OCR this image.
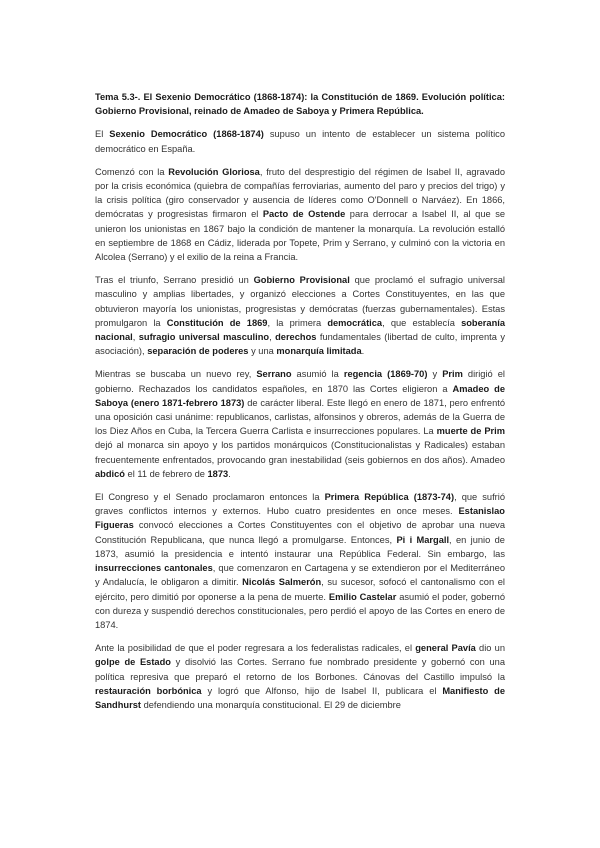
Tema 5.3-. El Sexenio Democrático (1868-1874): la Constitución de 1869. Evolución política: Gobierno Provisional, reinado de Amadeo de Saboya y Primera República.

El Sexenio Democrático (1868-1874) supuso un intento de establecer un sistema político democrático en España.

Comenzó con la Revolución Gloriosa, fruto del desprestigio del régimen de Isabel II, agravado por la crisis económica (quiebra de compañías ferroviarias, aumento del paro y precios del trigo) y la crisis política (giro conservador y ausencia de líderes como O'Donnell o Narváez). En 1866, demócratas y progresistas firmaron el Pacto de Ostende para derrocar a Isabel II, al que se unieron los unionistas en 1867 bajo la condición de mantener la monarquía. La revolución estalló en septiembre de 1868 en Cádiz, liderada por Topete, Prim y Serrano, y culminó con la victoria en Alcolea (Serrano) y el exilio de la reina a Francia.

Tras el triunfo, Serrano presidió un Gobierno Provisional que proclamó el sufragio universal masculino y amplias libertades, y organizó elecciones a Cortes Constituyentes, en las que obtuvieron mayoría los unionistas, progresistas y demócratas (fuerzas gubernamentales). Estas promulgaron la Constitución de 1869, la primera democrática, que establecía soberanía nacional, sufragio universal masculino, derechos fundamentales (libertad de culto, imprenta y asociación), separación de poderes y una monarquía limitada.

Mientras se buscaba un nuevo rey, Serrano asumió la regencia (1869-70) y Prim dirigió el gobierno. Rechazados los candidatos españoles, en 1870 las Cortes eligieron a Amadeo de Saboya (enero 1871-febrero 1873) de carácter liberal. Este llegó en enero de 1871, pero enfrentó una oposición casi unánime: republicanos, carlistas, alfonsinos y obreros, además de la Guerra de los Diez Años en Cuba, la Tercera Guerra Carlista e insurrecciones populares. La muerte de Prim dejó al monarca sin apoyo y los partidos monárquicos (Constitucionalistas y Radicales) estaban frecuentemente enfrentados, provocando gran inestabilidad (seis gobiernos en dos años). Amadeo abdicó el 11 de febrero de 1873.

El Congreso y el Senado proclamaron entonces la Primera República (1873-74), que sufrió graves conflictos internos y externos. Hubo cuatro presidentes en once meses. Estanislao Figueras convocó elecciones a Cortes Constituyentes con el objetivo de aprobar una nueva Constitución Republicana, que nunca llegó a promulgarse. Entonces, Pi i Margall, en junio de 1873, asumió la presidencia e intentó instaurar una República Federal. Sin embargo, las insurrecciones cantonales, que comenzaron en Cartagena y se extendieron por el Mediterráneo y Andalucía, le obligaron a dimitir. Nicolás Salmerón, su sucesor, sofocó el cantonalismo con el ejército, pero dimitió por oponerse a la pena de muerte. Emilio Castelar asumió el poder, gobernó con dureza y suspendió derechos constitucionales, pero perdió el apoyo de las Cortes en enero de 1874.

Ante la posibilidad de que el poder regresara a los federalistas radicales, el general Pavía dio un golpe de Estado y disolvió las Cortes. Serrano fue nombrado presidente y gobernó con una política represiva que preparó el retorno de los Borbones. Cánovas del Castillo impulsó la restauración borbónica y logró que Alfonso, hijo de Isabel II, publicara el Manifiesto de Sandhurst defendiendo una monarquía constitucional. El 29 de diciembre
